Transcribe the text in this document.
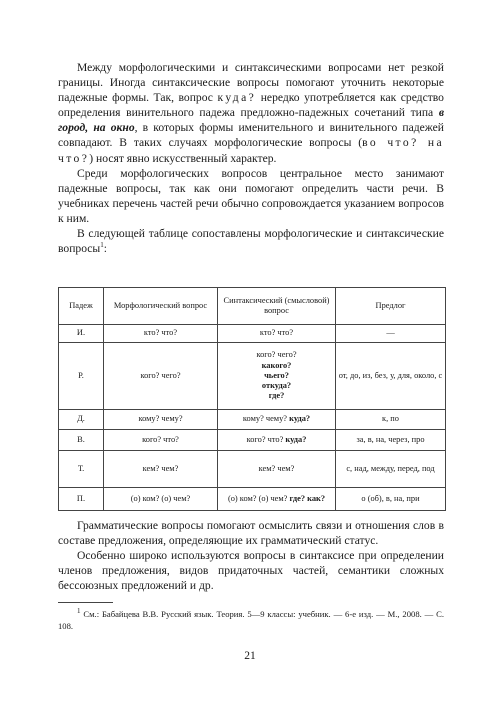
Между морфологическими и синтаксическими вопросами нет резкой границы. Иногда синтаксические вопросы помогают уточнить некоторые падежные формы. Так, вопрос куда? нередко употребляется как средство определения винительного падежа предложно-падежных сочетаний типа в город, на окно, в которых формы именительного и винительного падежей совпадают. В таких случаях морфологические вопросы (во что? на что?) носят явно искусственный характер.

Среди морфологических вопросов центральное место занимают падежные вопросы, так как они помогают определить части речи. В учебниках перечень частей речи обычно сопровождается указанием вопросов к ним.

В следующей таблице сопоставлены морфологические и синтаксические вопросы$^1$:

Падеж	Морфологический вопрос	Синтаксический (смысловой) вопрос	Предлог
И.	кто? что?	кто? что?	—
Р.	кого? чего?	кого? чего?
какого?
чьего?
откуда?
где?	от, до, из, без, у, для, около, с
Д.	кому? чему?	кому? чему? куда?	к, по
В.	кого? что?	кого? что? куда?	за, в, на, через, про
Т.	кем? чем?	кем? чем?	с, над, между, перед, под
П.	(о) ком? (о) чем?	(о) ком? (о) чем? где? как?	о (об), в, на, при

Грамматические вопросы помогают осмыслить связи и отношения слов в составе предложения, определяющие их грамматический статус.

Особенно широко используются вопросы в синтаксисе при определении членов предложения, видов придаточных частей, семантики сложных бессоюзных предложений и др.

$^1$ См.: Бабайцева В.В. Русский язык. Теория. 5—9 классы: учебник. — 6-е изд. — М., 2008. — С. 108.

21
